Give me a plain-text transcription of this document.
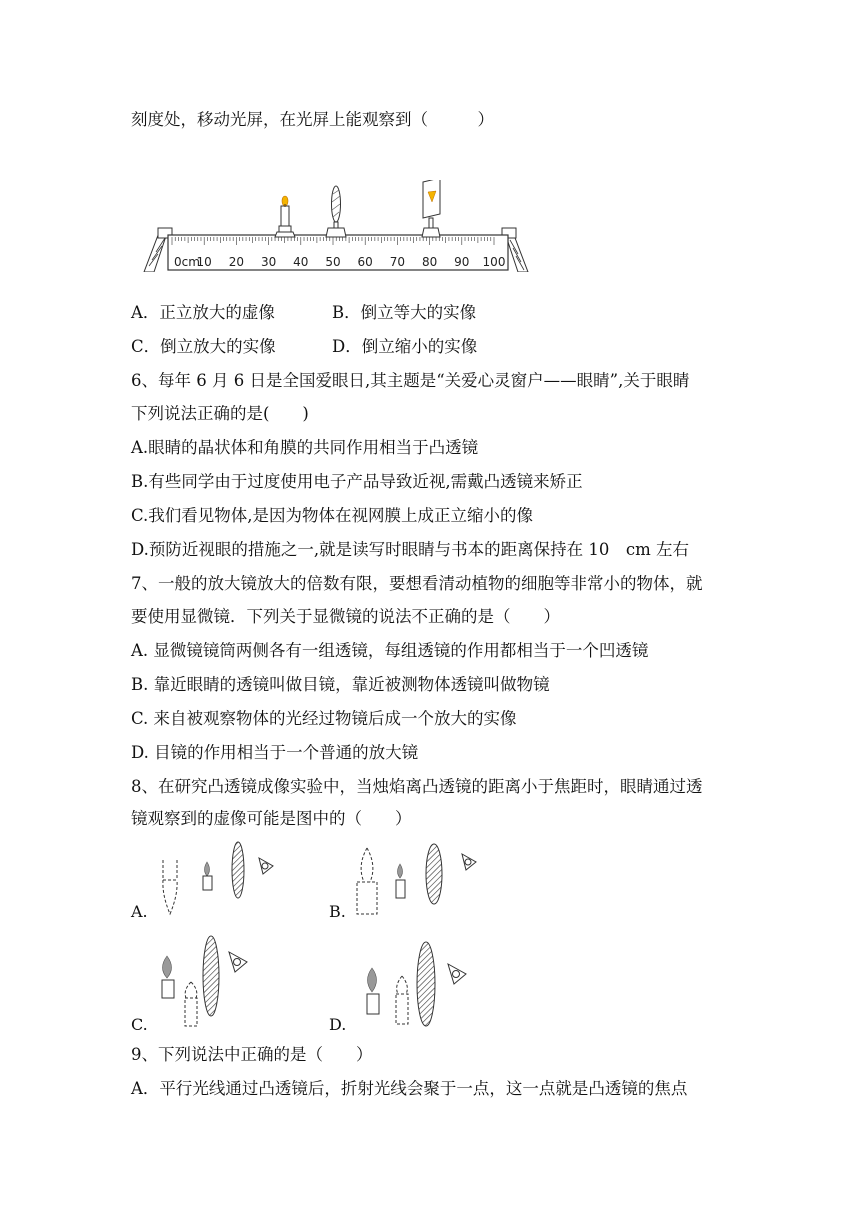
刻度处，移动光屏，在光屏上能观察到（　　　）
0cm
10 20 30 40 50 60 70 80 90 100
A．正立放大的虚像	B．倒立等大的实像
C．倒立放大的实像	D．倒立缩小的实像
6、每年 6 月 6 日是全国爱眼日,其主题是“关爱心灵窗户——眼睛”,关于眼睛
下列说法正确的是(　　)
A.眼睛的晶状体和角膜的共同作用相当于凸透镜
B.有些同学由于过度使用电子产品导致近视,需戴凸透镜来矫正
C.我们看见物体,是因为物体在视网膜上成正立缩小的像
D.预防近视眼的措施之一,就是读写时眼睛与书本的距离保持在 10　cm 左右
7、一般的放大镜放大的倍数有限，要想看清动植物的细胞等非常小的物体，就
要使用显微镜．下列关于显微镜的说法不正确的是（　　）
A. 显微镜镜筒两侧各有一组透镜，每组透镜的作用都相当于一个凹透镜
B. 靠近眼睛的透镜叫做目镜，靠近被测物体透镜叫做物镜
C. 来自被观察物体的光经过物镜后成一个放大的实像
D. 目镜的作用相当于一个普通的放大镜
8、在研究凸透镜成像实验中，当烛焰离凸透镜的距离小于焦距时，眼睛通过透
镜观察到的虚像可能是图中的（　　）
A.	B.
C.	D.
9、下列说法中正确的是（　　）
A．平行光线通过凸透镜后，折射光线会聚于一点，这一点就是凸透镜的焦点
